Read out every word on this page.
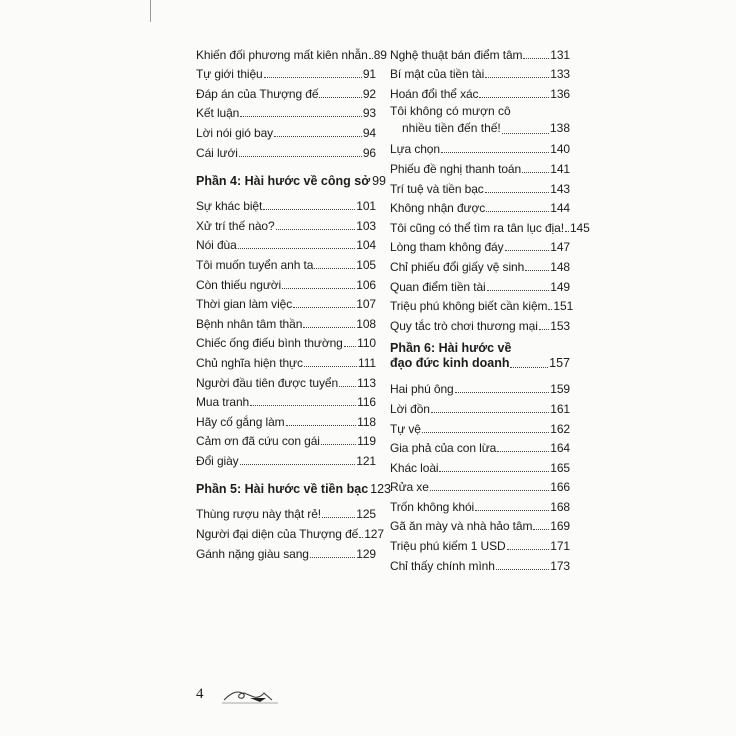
Khiến đối phương mất kiên nhẫn 89
Tự giới thiệu	91
Đáp án của Thượng đế	92
Kết luận	93
Lời nói gió bay	94
Cái lưới	96
Phần 4: Hài hước về công sở 99
Sự khác biệt	101
Xử trí thế nào?	103
Nói đùa	104
Tôi muốn tuyển anh ta	105
Còn thiếu người	106
Thời gian làm việc	107
Bệnh nhân tâm thần	108
Chiếc ống điếu bình thường 110
Chủ nghĩa hiện thực	111
Người đầu tiên được tuyển 113
Mua tranh	116
Hãy cố gắng làm	118
Cảm ơn đã cứu con gái	119
Đổi giày	121
Phần 5: Hài hước về tiền bạc 123
Thùng rượu này thật rẻ!	125
Người đại diện của Thượng đế 127
Gánh nặng giàu sang	129
Nghệ thuật bán điểm tâm 131
Bí mật của tiền tài	133
Hoán đổi thể xác	136
Tôi không có mượn cô
nhiều tiền đến thế!	138
Lựa chọn	140
Phiếu đề nghị thanh toán 141
Trí tuệ và tiền bạc	143
Không nhận được	144
Tôi cũng có thể tìm ra tân lục địa! 145
Lòng tham không đáy	147
Chỉ phiếu đổi giấy vệ sinh 148
Quan điểm tiền tài	149
Triệu phú không biết cần kiệm 151
Quy tắc trò chơi thương mại 153
Phần 6: Hài hước về
đạo đức kinh doanh	157
Hai phú ông	159
Lời đồn	161
Tự vệ	162
Gia phả của con lừa	164
Khác loài	165
Rửa xe	166
Trốn không khói	168
Gã ăn mày và nhà hảo tâm 169
Triệu phú kiếm 1 USD	171
Chỉ thấy chính mình	173
4
